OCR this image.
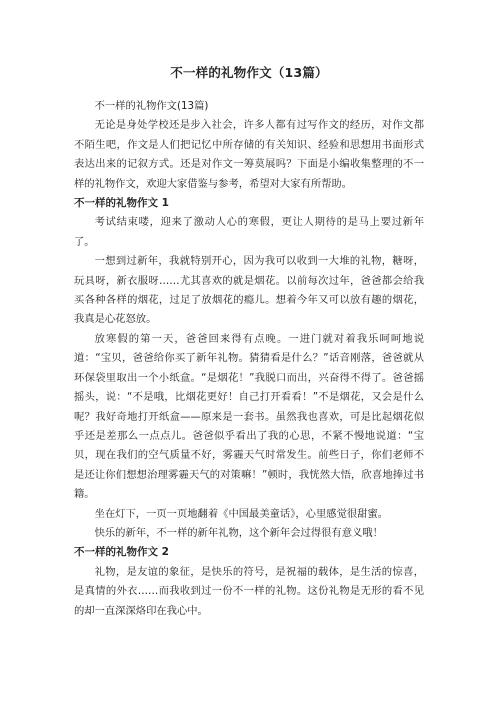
不一样的礼物作文（13篇）

不一样的礼物作文(13篇)

无论是身处学校还是步入社会，许多人都有过写作文的经历，对作文都不陌生吧，作文是人们把记忆中所存储的有关知识、经验和思想用书面形式表达出来的记叙方式。还是对作文一筹莫展吗？下面是小编收集整理的不一样的礼物作文，欢迎大家借鉴与参考，希望对大家有所帮助。

不一样的礼物作文 1

考试结束喽，迎来了激动人心的寒假，更让人期待的是马上要过新年了。

一想到过新年，我就特别开心，因为我可以收到一大堆的礼物，糖呀，玩具呀，新衣服呀……尤其喜欢的就是烟花。以前每次过年，爸爸都会给我买各种各样的烟花，过足了放烟花的瘾儿。想着今年又可以放有趣的烟花，我真是心花怒放。

放寒假的第一天，爸爸回来得有点晚。一进门就对着我乐呵呵地说道：“宝贝，爸爸给你买了新年礼物。猜猜看是什么？”话音刚落，爸爸就从环保袋里取出一个小纸盒。“是烟花！”我脱口而出，兴奋得不得了。爸爸摇摇头，说：“不是哦，比烟花更好！自己打开看看！”不是烟花，又会是什么呢？我好奇地打开纸盒——原来是一套书。虽然我也喜欢，可是比起烟花似乎还是差那么一点点儿。爸爸似乎看出了我的心思，不紧不慢地说道：“宝贝，现在我们的空气质量不好，雾霾天气时常发生。前些日子，你们老师不是还让你们想想治理雾霾天气的对策嘛！”顿时，我恍然大悟，欣喜地捧过书籍。

坐在灯下，一页一页地翻着《中国最美童话》，心里感觉很甜蜜。

快乐的新年，不一样的新年礼物，这个新年会过得很有意义哦！

不一样的礼物作文 2

礼物，是友谊的象征，是快乐的符号，是祝福的载体，是生活的惊喜，是真情的外衣……而我收到过一份不一样的礼物。这份礼物是无形的看不见的却一直深深烙印在我心中。
